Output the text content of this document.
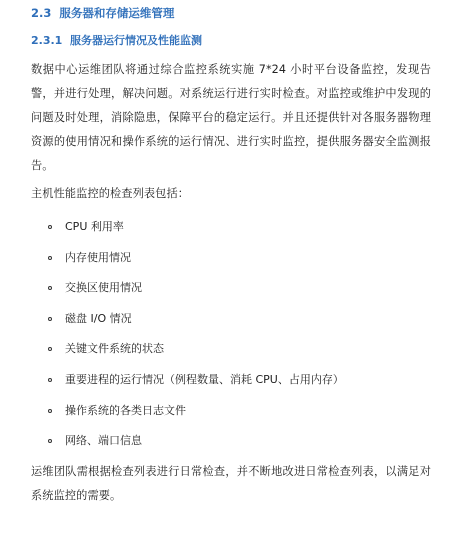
2.3 服务器和存储运维管理
2.3.1 服务器运行情况及性能监测
数据中心运维团队将通过综合监控系统实施 7*24 小时平台设备监控，发现告警，并进行处理，解决问题。对系统运行进行实时检查。对监控或维护中发现的问题及时处理，消除隐患，保障平台的稳定运行。并且还提供针对各服务器物理资源的使用情况和操作系统的运行情况、进行实时监控，提供服务器安全监测报告。
主机性能监控的检查列表包括：
CPU 利用率
内存使用情况
交换区使用情况
磁盘 I/O 情况
关键文件系统的状态
重要进程的运行情况（例程数量、消耗 CPU、占用内存）
操作系统的各类日志文件
网络、端口信息
运维团队需根据检查列表进行日常检查，并不断地改进日常检查列表，以满足对系统监控的需要。
